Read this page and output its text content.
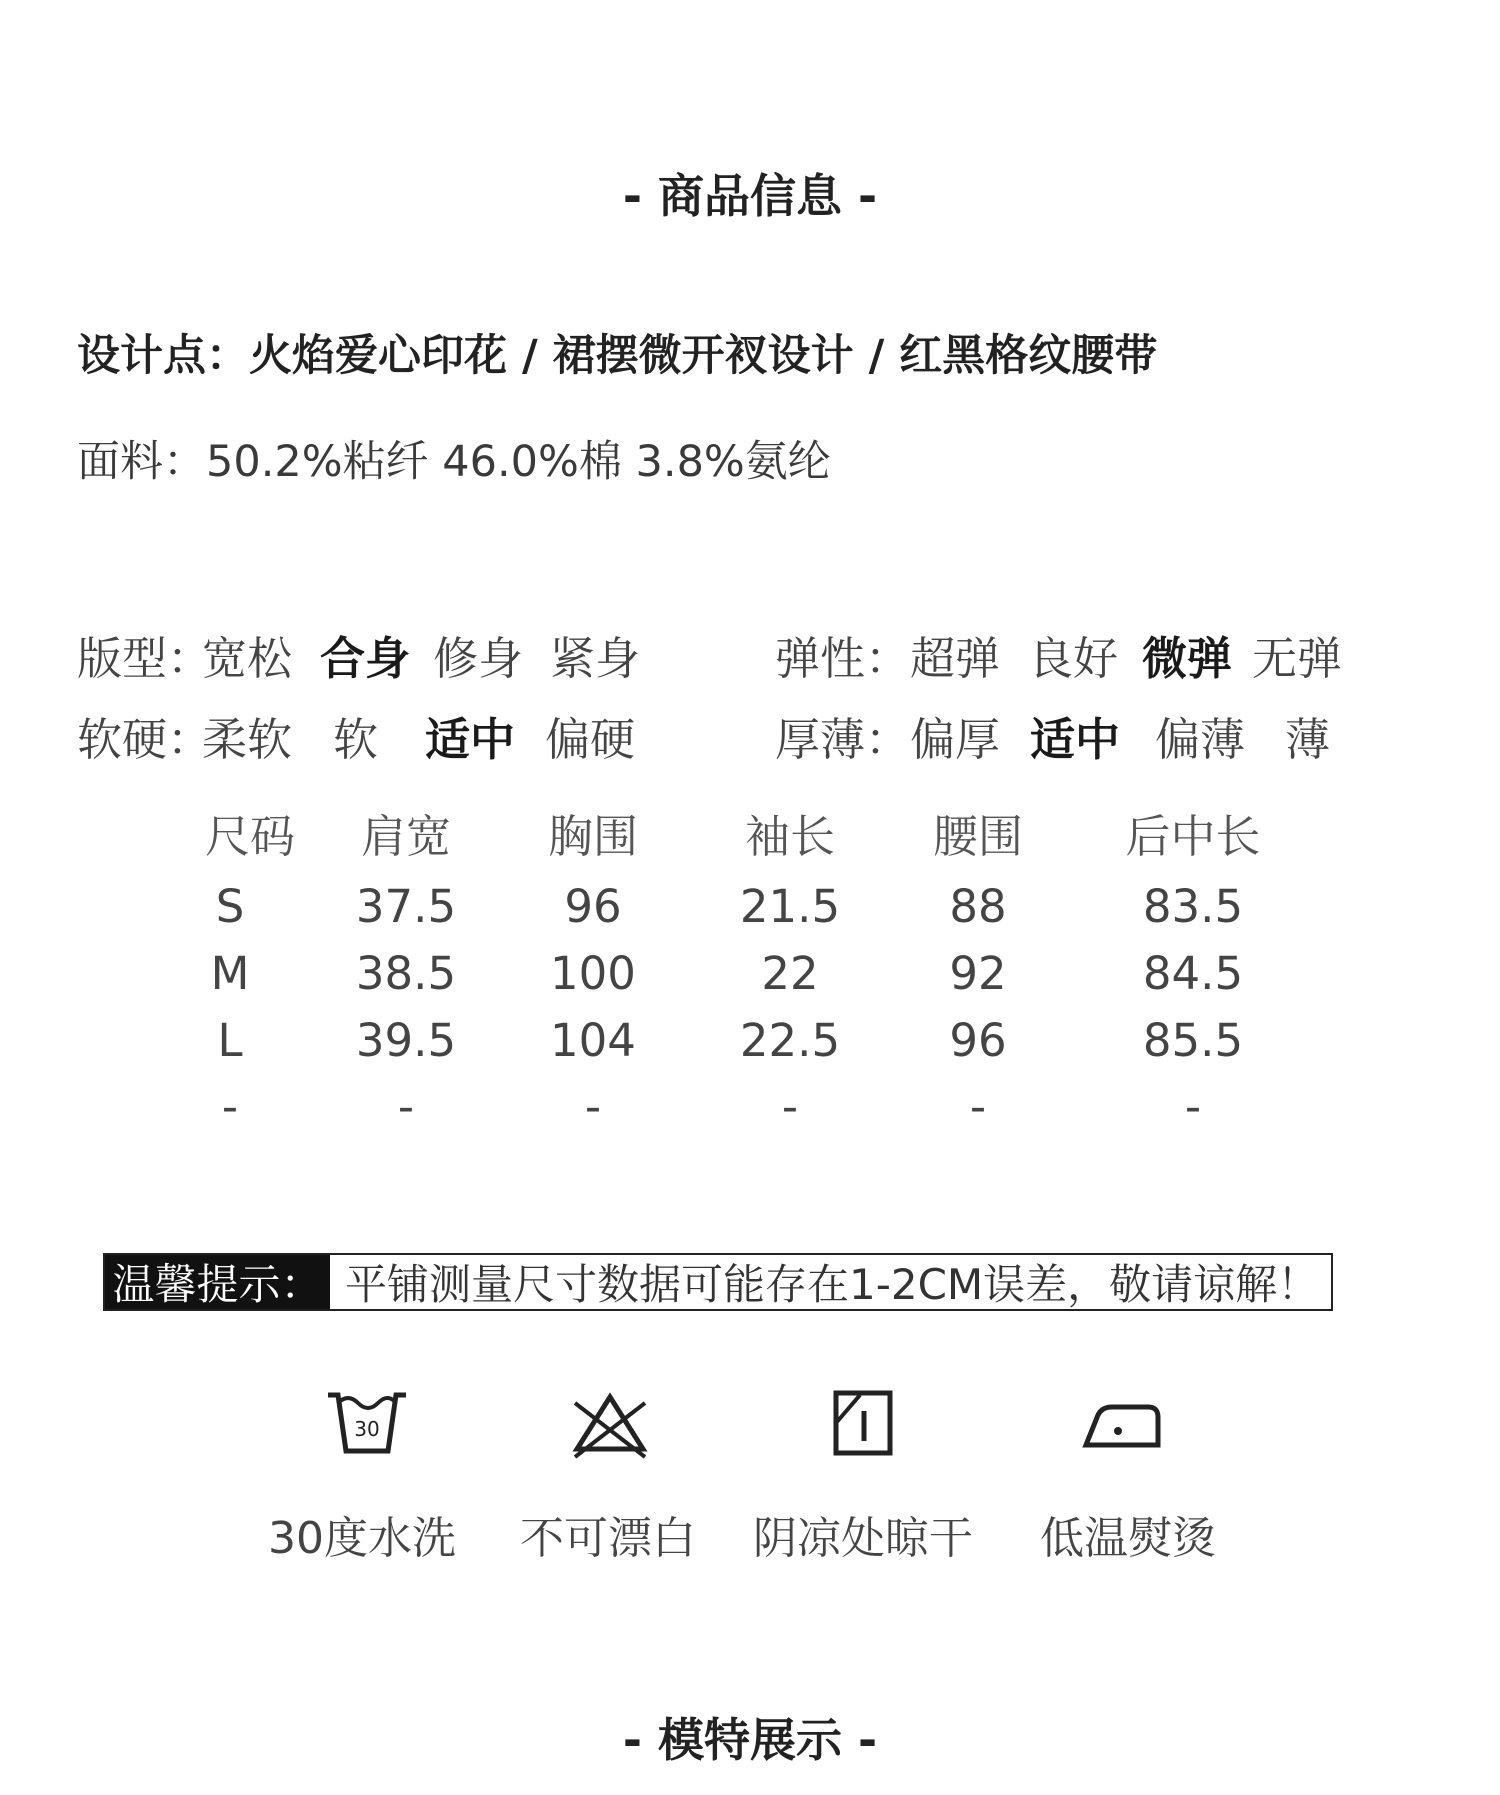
- 商品信息 -
设计点：火焰爱心印花 / 裙摆微开衩设计 / 红黑格纹腰带
面料：50.2%粘纤 46.0%棉 3.8%氨纶
版型：
宽松 合身 修身 紧身	弹性： 超弹 良好 微弹 无弹
软硬：
柔软 软 适中 偏硬	厚薄： 偏厚 适中 偏薄 薄
尺码	肩宽	胸围	袖长	腰围	后中长
S	37.5	96	21.5	88	83.5
M	38.5	100	22	92	84.5
L	39.5	104	22.5	96	85.5
-	-	-	-	-	-
温馨提示： 平铺测量尺寸数据可能存在1-2CM误差，敬请谅解！
30
30度水洗	不可漂白	阴凉处晾干	低温熨烫
- 模特展示 -
